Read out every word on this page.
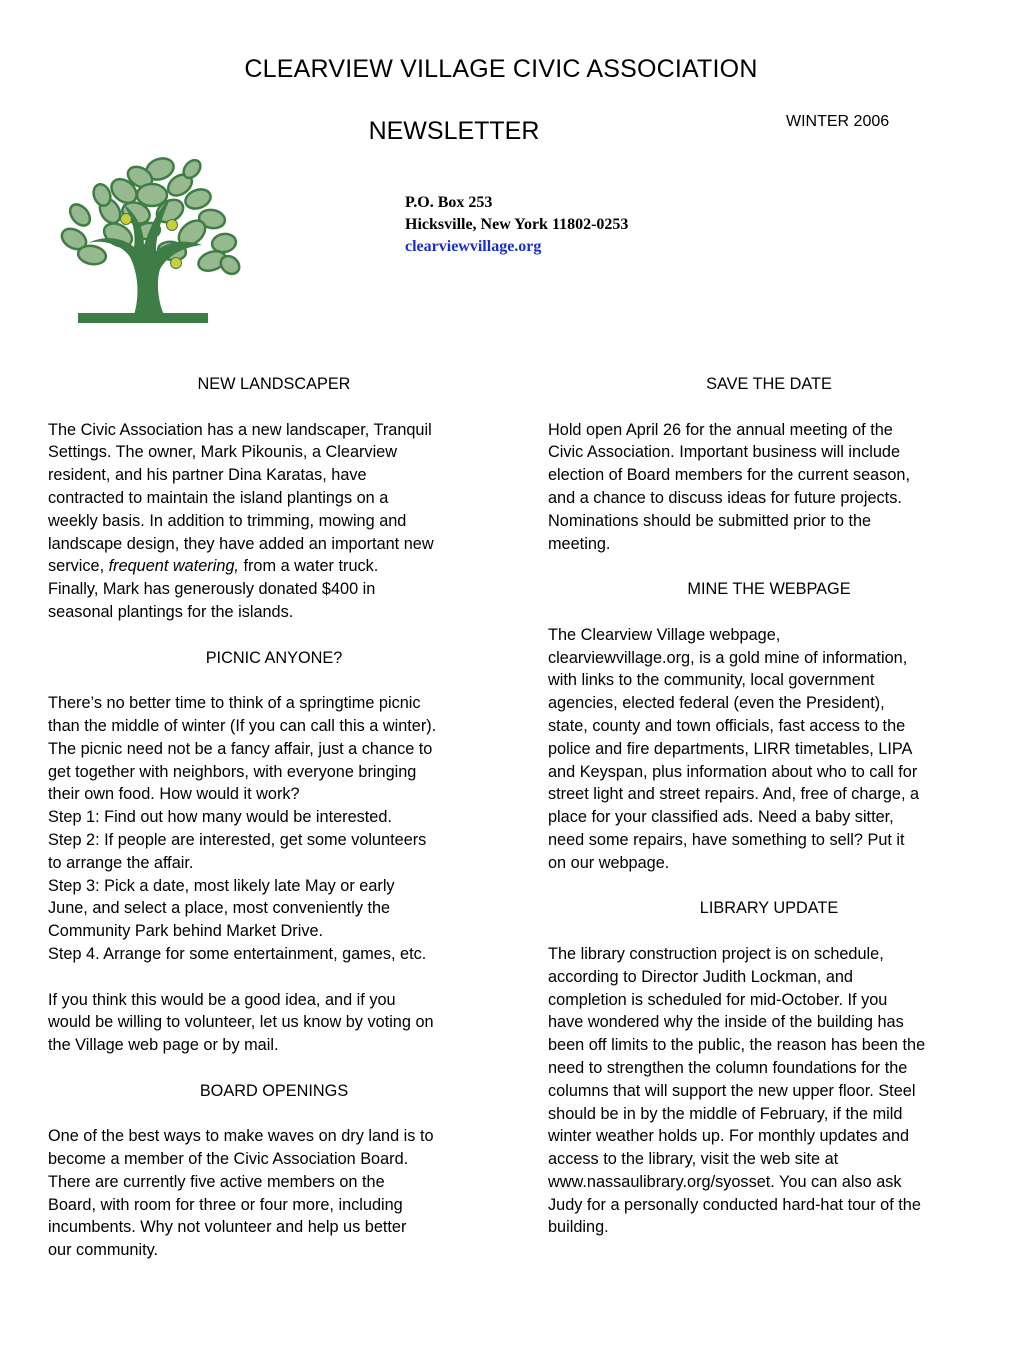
CLEARVIEW VILLAGE CIVIC ASSOCIATION
NEWSLETTER	WINTER 2006
P.O. Box 253
Hicksville, New York 11802-0253
clearviewvillage.org

NEW LANDSCAPER

The Civic Association has a new landscaper, Tranquil

Settings. The owner, Mark Pikounis, a Clearview

resident, and his partner Dina Karatas, have

contracted to maintain the island plantings on a

weekly basis. In addition to trimming, mowing and

landscape design, they have added an important new

service, frequent watering, from a water truck.

Finally, Mark has generously donated $400 in

seasonal plantings for the islands.

PICNIC ANYONE?

There’s no better time to think of a springtime picnic

than the middle of winter (If you can call this a winter).

The picnic need not be a fancy affair, just a chance to

get together with neighbors, with everyone bringing

their own food. How would it work?

Step 1: Find out how many would be interested.

Step 2: If people are interested, get some volunteers

to arrange the affair.

Step 3: Pick a date, most likely late May or early

June, and select a place, most conveniently the

Community Park behind Market Drive.

Step 4. Arrange for some entertainment, games, etc.

If you think this would be a good idea, and if you

would be willing to volunteer, let us know by voting on

the Village web page or by mail.

BOARD OPENINGS

One of the best ways to make waves on dry land is to

become a member of the Civic Association Board.

There are currently five active members on the

Board, with room for three or four more, including

incumbents. Why not volunteer and help us better

our community.

SAVE THE DATE

Hold open April 26 for the annual meeting of the

Civic Association. Important business will include

election of Board members for the current season,

and a chance to discuss ideas for future projects.

Nominations should be submitted prior to the

meeting.

MINE THE WEBPAGE

The Clearview Village webpage,

clearviewvillage.org, is a gold mine of information,

with links to the community, local government

agencies, elected federal (even the President),

state, county and town officials, fast access to the

police and fire departments, LIRR timetables, LIPA

and Keyspan, plus information about who to call for

street light and street repairs. And, free of charge, a

place for your classified ads. Need a baby sitter,

need some repairs, have something to sell? Put it

on our webpage.

LIBRARY UPDATE

The library construction project is on schedule,

according to Director Judith Lockman, and

completion is scheduled for mid-October. If you

have wondered why the inside of the building has

been off limits to the public, the reason has been the

need to strengthen the column foundations for the

columns that will support the new upper floor. Steel

should be in by the middle of February, if the mild

winter weather holds up. For monthly updates and

access to the library, visit the web site at

www.nassaulibrary.org/syosset. You can also ask

Judy for a personally conducted hard-hat tour of the

building.
